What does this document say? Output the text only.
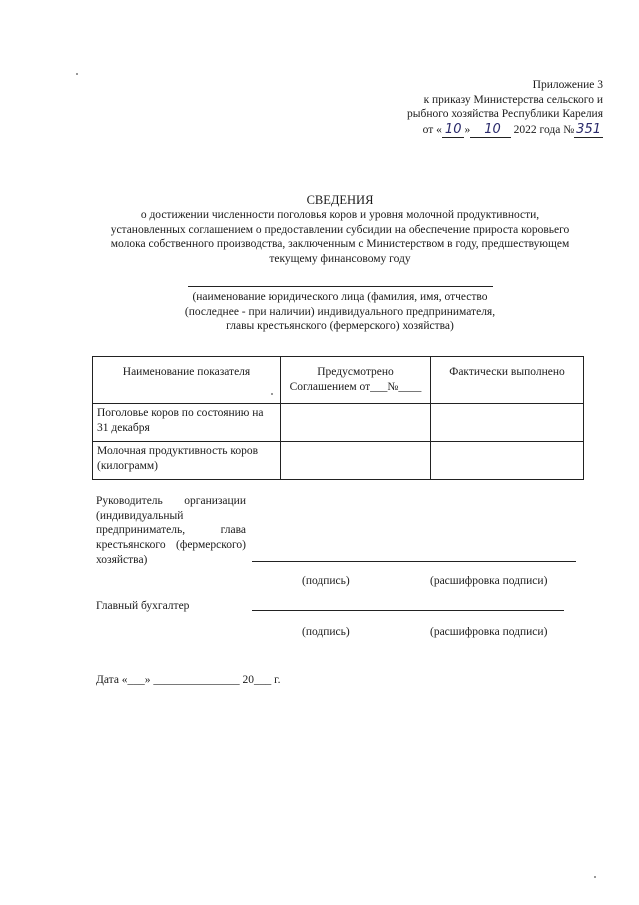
Приложение 3
к приказу Министерства сельского и
рыбного хозяйства Республики Карелия
от « 10 » 10 2022 года № 351
СВЕДЕНИЯ
о достижении численности поголовья коров и уровня молочной продуктивности,
установленных соглашением о предоставлении субсидии на обеспечение прироста коровьего
молока собственного производства, заключенным с Министерством в году, предшествующем
текущему финансовому году
(наименование юридического лица (фамилия, имя, отчество
(последнее - при наличии) индивидуального предпринимателя,
главы крестьянского (фермерского) хозяйства)
Наименование показателя	Предусмотрено Соглашением от___№____	Фактически выполнено
Поголовье коров по состоянию на 31 декабря		
Молочная продуктивность коров (килограмм)		
Руководитель организации (индивидуальный предприниматель, глава крестьянского (фермерского) хозяйства)
(подпись)	(расшифровка подписи)
Главный бухгалтер
(подпись)	(расшифровка подписи)
Дата «___» _______________ 20___ г.
